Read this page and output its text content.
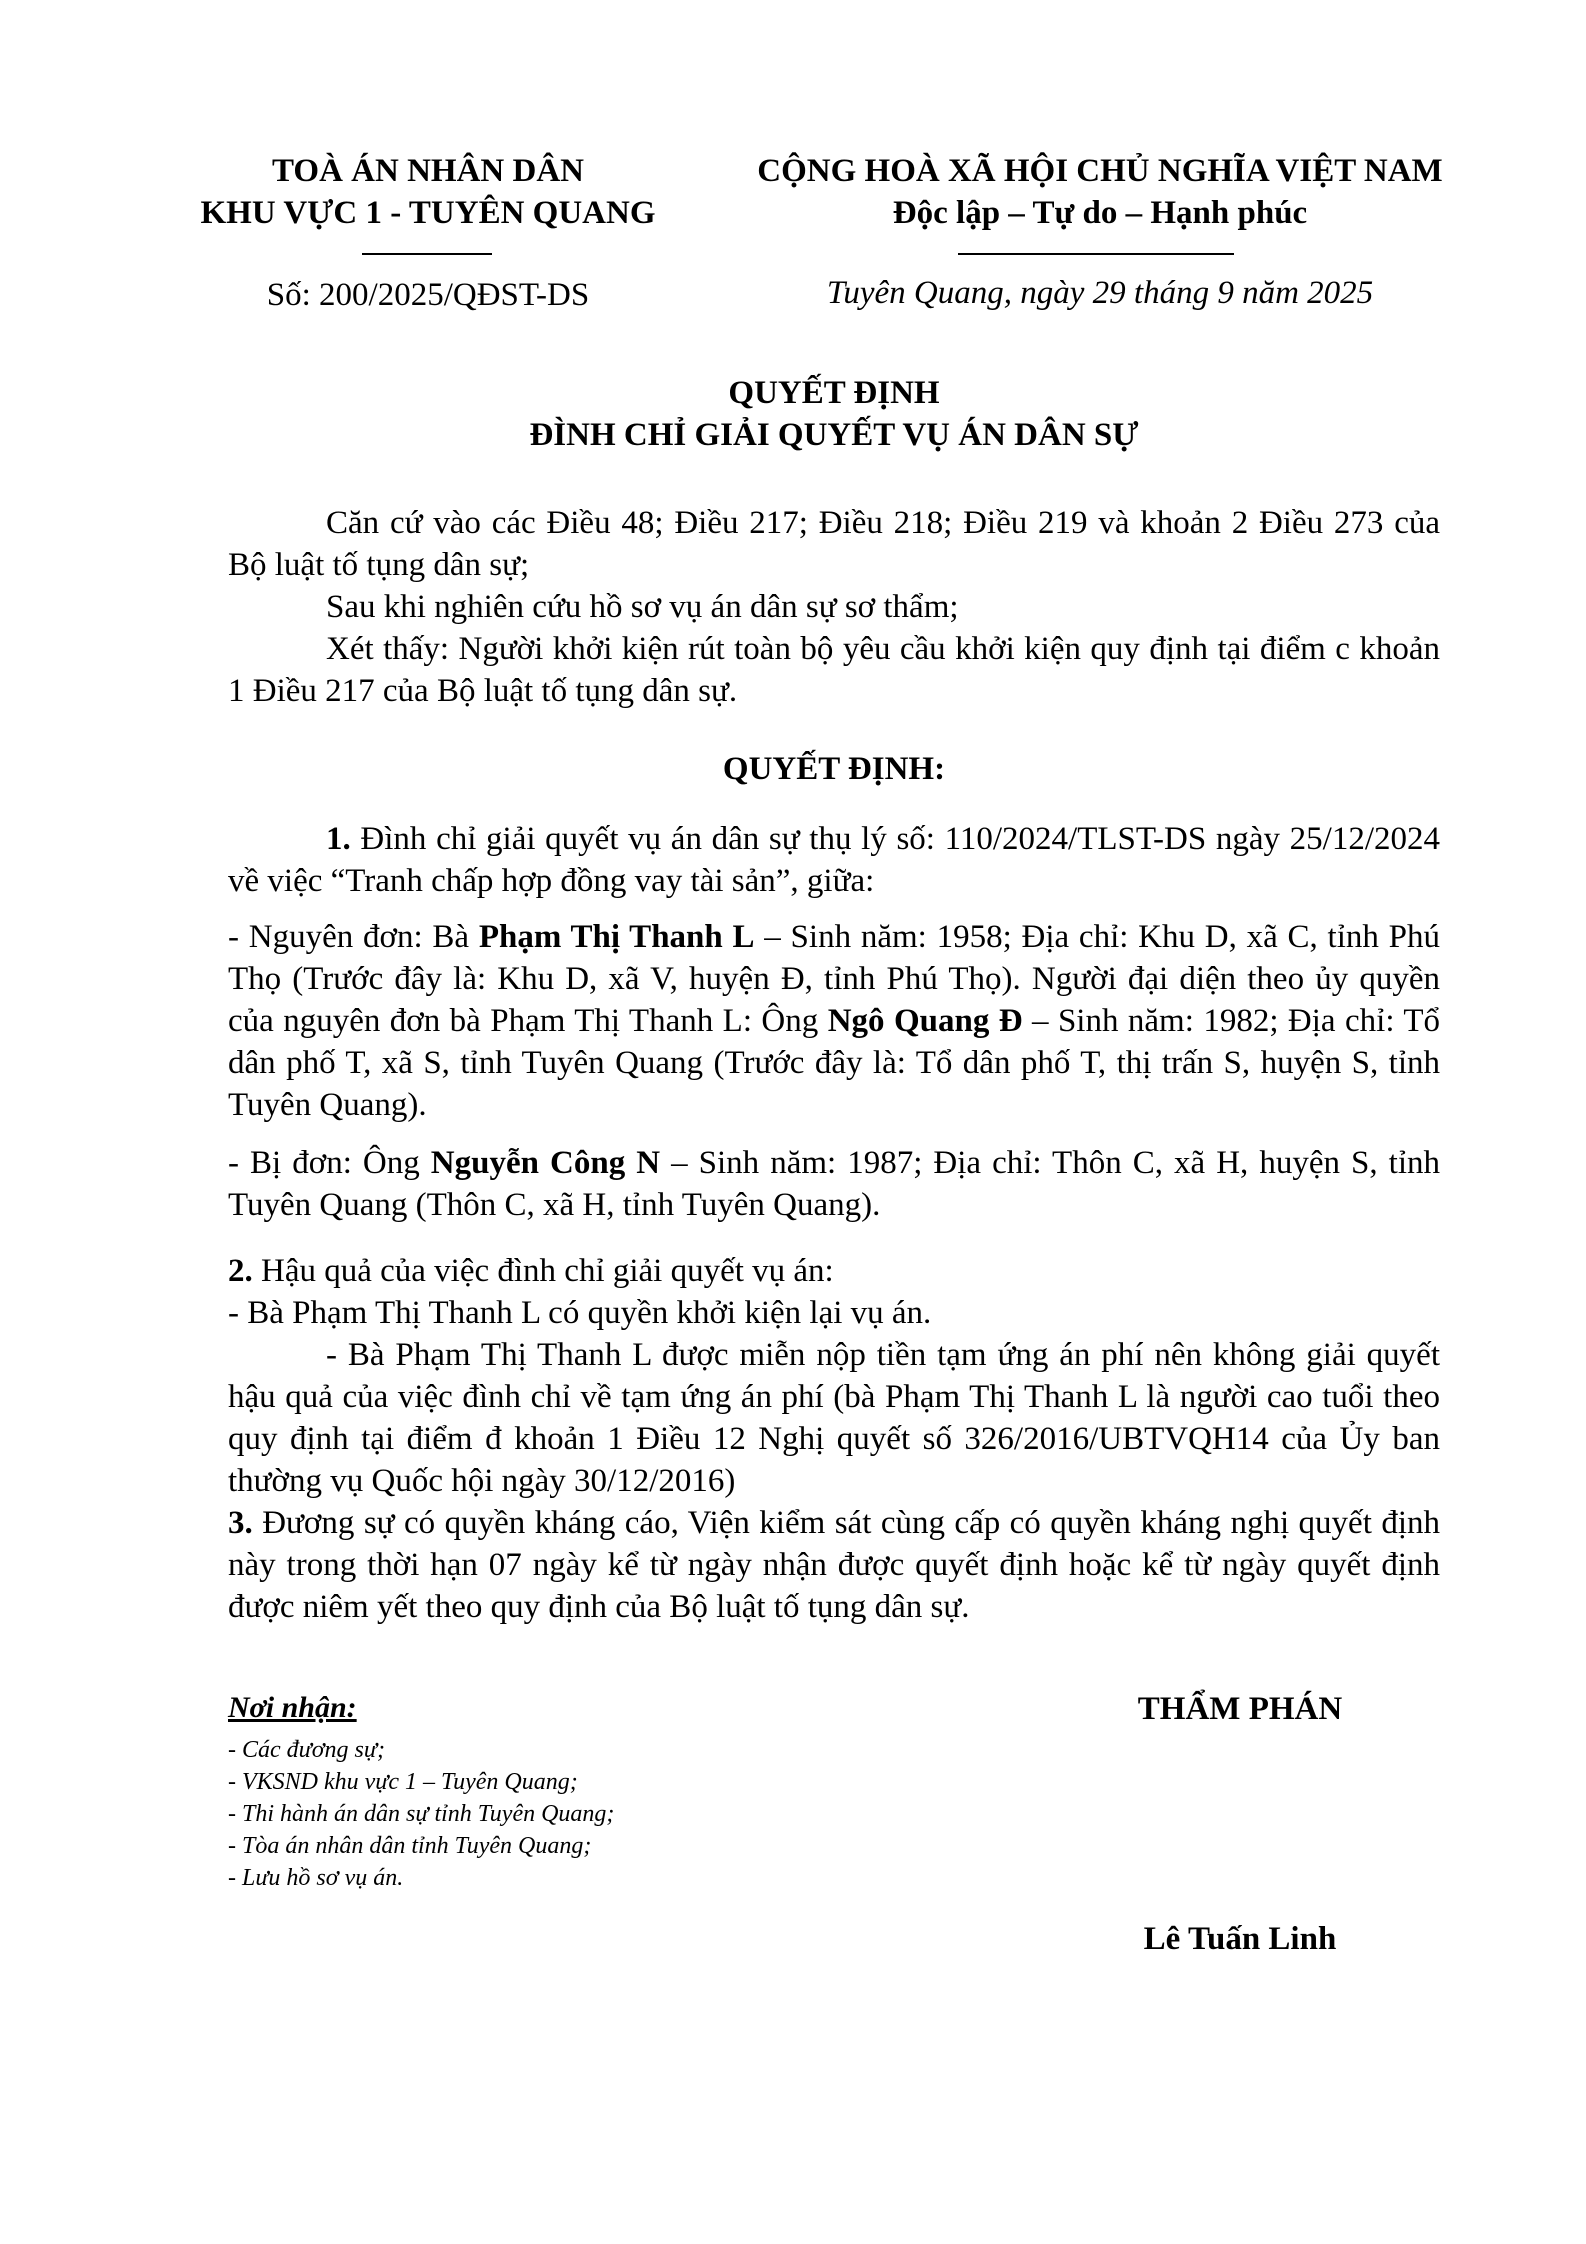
TOÀ ÁN NHÂN DÂN
KHU VỰC 1 - TUYÊN QUANG
Số: 200/2025/QĐST-DS
CỘNG HOÀ XÃ HỘI CHỦ NGHĨA VIỆT NAM
Độc lập – Tự do – Hạnh phúc
Tuyên Quang, ngày 29 tháng 9 năm 2025
QUYẾT ĐỊNH
ĐÌNH CHỈ GIẢI QUYẾT VỤ ÁN DÂN SỰ
Căn cứ vào các Điều 48; Điều 217; Điều 218; Điều 219 và khoản 2 Điều 273 của Bộ luật tố tụng dân sự;
Sau khi nghiên cứu hồ sơ vụ án dân sự sơ thẩm;
Xét thấy: Người khởi kiện rút toàn bộ yêu cầu khởi kiện quy định tại điểm c khoản 1 Điều 217 của Bộ luật tố tụng dân sự.
QUYẾT ĐỊNH:
1. Đình chỉ giải quyết vụ án dân sự thụ lý số: 110/2024/TLST-DS ngày 25/12/2024 về việc “Tranh chấp hợp đồng vay tài sản”, giữa:
- Nguyên đơn: Bà Phạm Thị Thanh L – Sinh năm: 1958; Địa chỉ: Khu D, xã C, tỉnh Phú Thọ (Trước đây là: Khu D, xã V, huyện Đ, tỉnh Phú Thọ). Người đại diện theo ủy quyền của nguyên đơn bà Phạm Thị Thanh L: Ông Ngô Quang Đ – Sinh năm: 1982; Địa chỉ: Tổ dân phố T, xã S, tỉnh Tuyên Quang (Trước đây là: Tổ dân phố T, thị trấn S, huyện S, tỉnh Tuyên Quang).
- Bị đơn: Ông Nguyễn Công N – Sinh năm: 1987; Địa chỉ: Thôn C, xã H, huyện S, tỉnh Tuyên Quang (Thôn C, xã H, tỉnh Tuyên Quang).
2. Hậu quả của việc đình chỉ giải quyết vụ án:
- Bà Phạm Thị Thanh L có quyền khởi kiện lại vụ án.
- Bà Phạm Thị Thanh L được miễn nộp tiền tạm ứng án phí nên không giải quyết hậu quả của việc đình chỉ về tạm ứng án phí (bà Phạm Thị Thanh L là người cao tuổi theo quy định tại điểm đ khoản 1 Điều 12 Nghị quyết số 326/2016/UBTVQH14 của Ủy ban thường vụ Quốc hội ngày 30/12/2016)
3. Đương sự có quyền kháng cáo, Viện kiểm sát cùng cấp có quyền kháng nghị quyết định này trong thời hạn 07 ngày kể từ ngày nhận được quyết định hoặc kể từ ngày quyết định được niêm yết theo quy định của Bộ luật tố tụng dân sự.
Nơi nhận:
- Các đương sự;
- VKSND khu vực 1 – Tuyên Quang;
- Thi hành án dân sự tỉnh Tuyên Quang;
- Tòa án nhân dân tỉnh Tuyên Quang;
- Lưu hồ sơ vụ án.
THẨM PHÁN
Lê Tuấn Linh
